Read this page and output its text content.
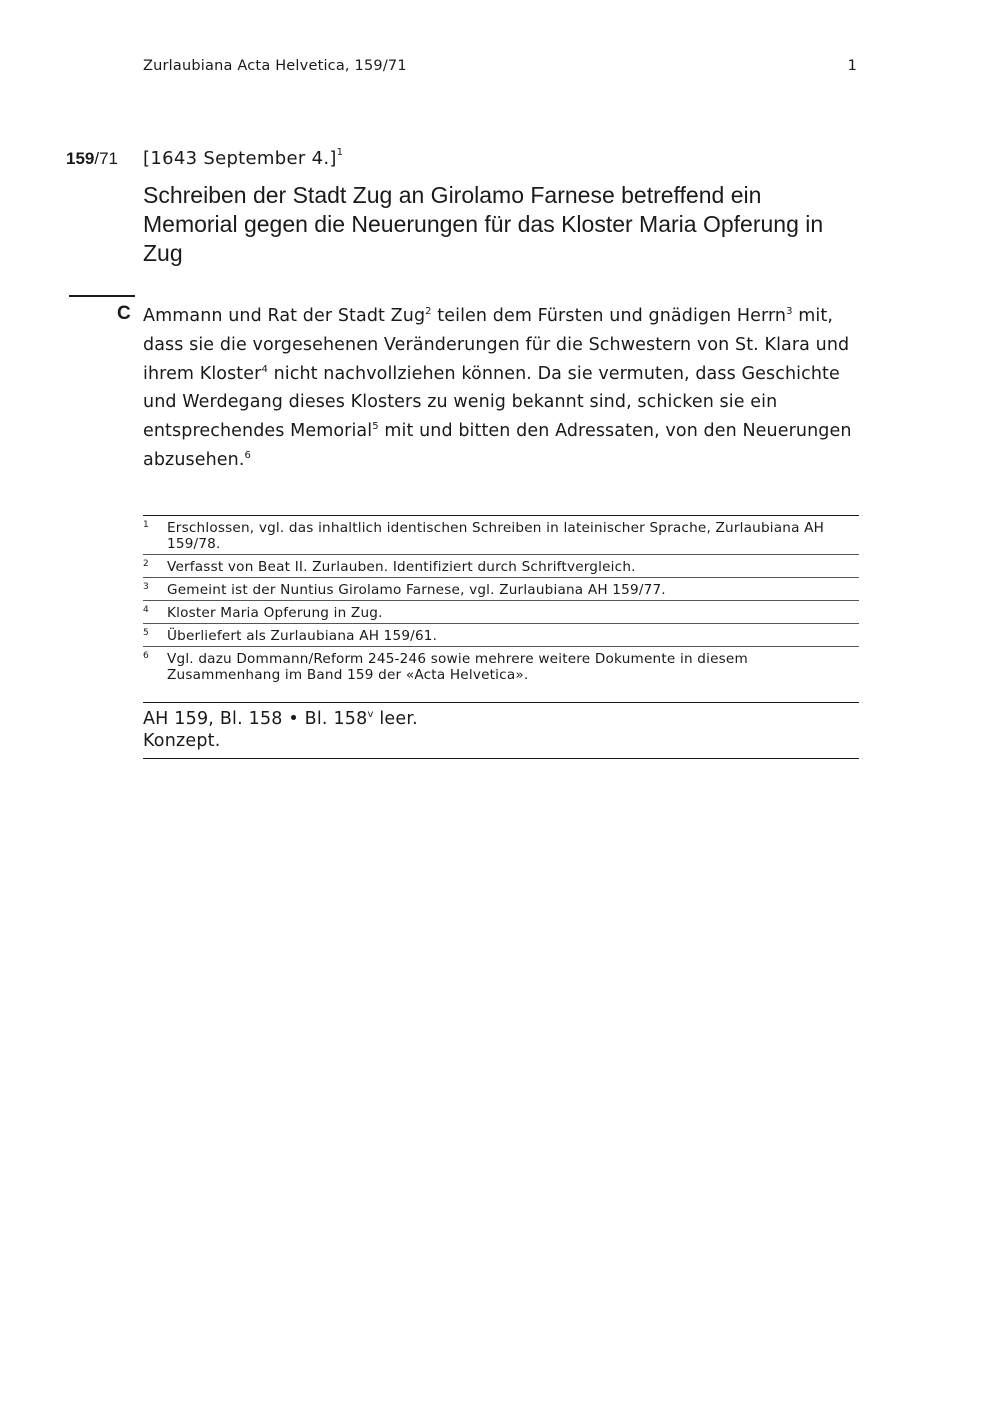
Zurlaubiana Acta Helvetica, 159/71	1
159/71 [1643 September 4.]$^1$
Schreiben der Stadt Zug an Girolamo Farnese betreffend ein Memorial gegen die Neuerungen für das Kloster Maria Opferung in Zug
C Ammann und Rat der Stadt Zug$^2$ teilen dem Fürsten und gnädigen Herrn$^3$ mit, dass sie die vorgesehenen Veränderungen für die Schwestern von St. Klara und ihrem Kloster$^4$ nicht nachvollziehen können. Da sie vermuten, dass Geschichte und Werdegang dieses Klosters zu wenig bekannt sind, schicken sie ein entsprechendes Memorial$^5$ mit und bitten den Adressaten, von den Neuerungen abzusehen.$^6$
1 Erschlossen, vgl. das inhaltlich identischen Schreiben in lateinischer Sprache, Zurlaubiana AH 159/78.
2 Verfasst von Beat II. Zurlauben. Identifiziert durch Schriftvergleich.
3 Gemeint ist der Nuntius Girolamo Farnese, vgl. Zurlaubiana AH 159/77.
4 Kloster Maria Opferung in Zug.
5 Überliefert als Zurlaubiana AH 159/61.
6 Vgl. dazu Dommann/Reform 245-246 sowie mehrere weitere Dokumente in diesem Zusammenhang im Band 159 der «Acta Helvetica».
AH 159, Bl. 158 • Bl. 158$^v$ leer.
Konzept.
